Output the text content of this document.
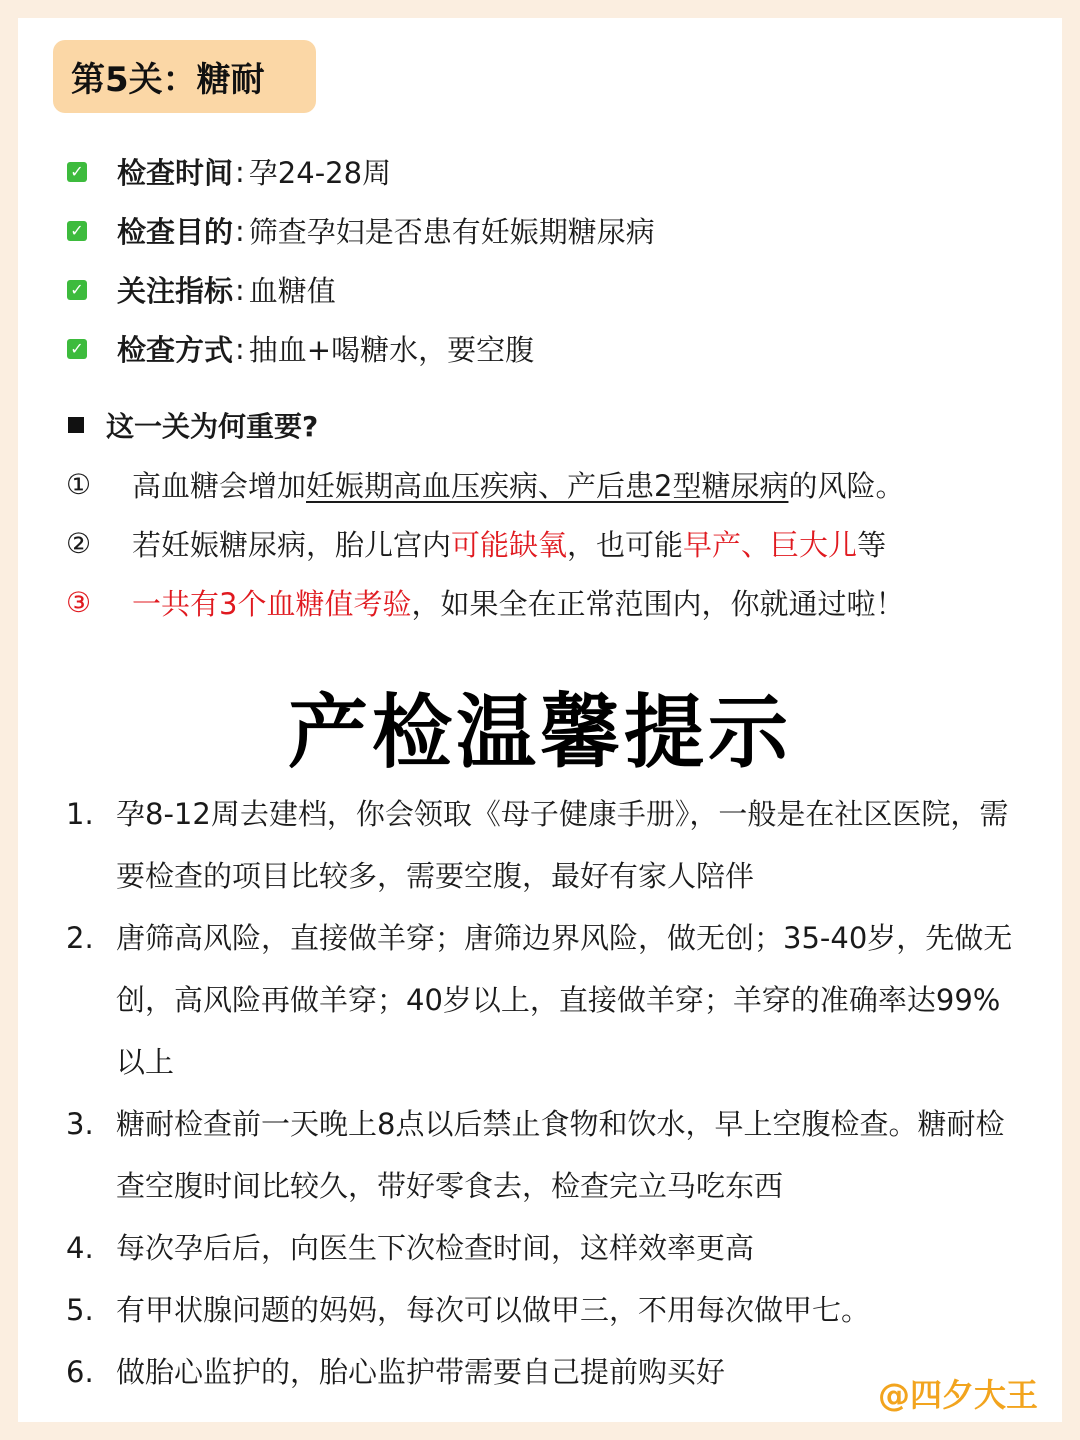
第5关：糖耐
✓ 检查时间 : 孕24-28周
✓ 检查目的 : 筛查孕妇是否患有妊娠期糖尿病
✓ 关注指标 : 血糖值
✓ 检查方式 : 抽血+喝糖水，要空腹
这一关为何重要?
①	高血糖会增加妊娠期高血压疾病、产后患2型糖尿病的风险。
②	若妊娠糖尿病，胎儿宫内可能缺氧，也可能早产、巨大儿等
③	一共有3个血糖值考验，如果全在正常范围内，你就通过啦！
产检温馨提示
1. 孕8-12周去建档，你会领取《母子健康手册》，一般是在社区医院，需要检查的项目比较多，需要空腹，最好有家人陪伴
2. 唐筛高风险，直接做羊穿；唐筛边界风险，做无创；35-40岁，先做无创，高风险再做羊穿；40岁以上，直接做羊穿；羊穿的准确率达99%以上
3. 糖耐检查前一天晚上8点以后禁止食物和饮水，早上空腹检查。糖耐检查空腹时间比较久，带好零食去，检查完立马吃东西
4. 每次孕后后，向医生下次检查时间，这样效率更高
5. 有甲状腺问题的妈妈，每次可以做甲三，不用每次做甲七。
6. 做胎心监护的，胎心监护带需要自己提前购买好
@四夕大王
